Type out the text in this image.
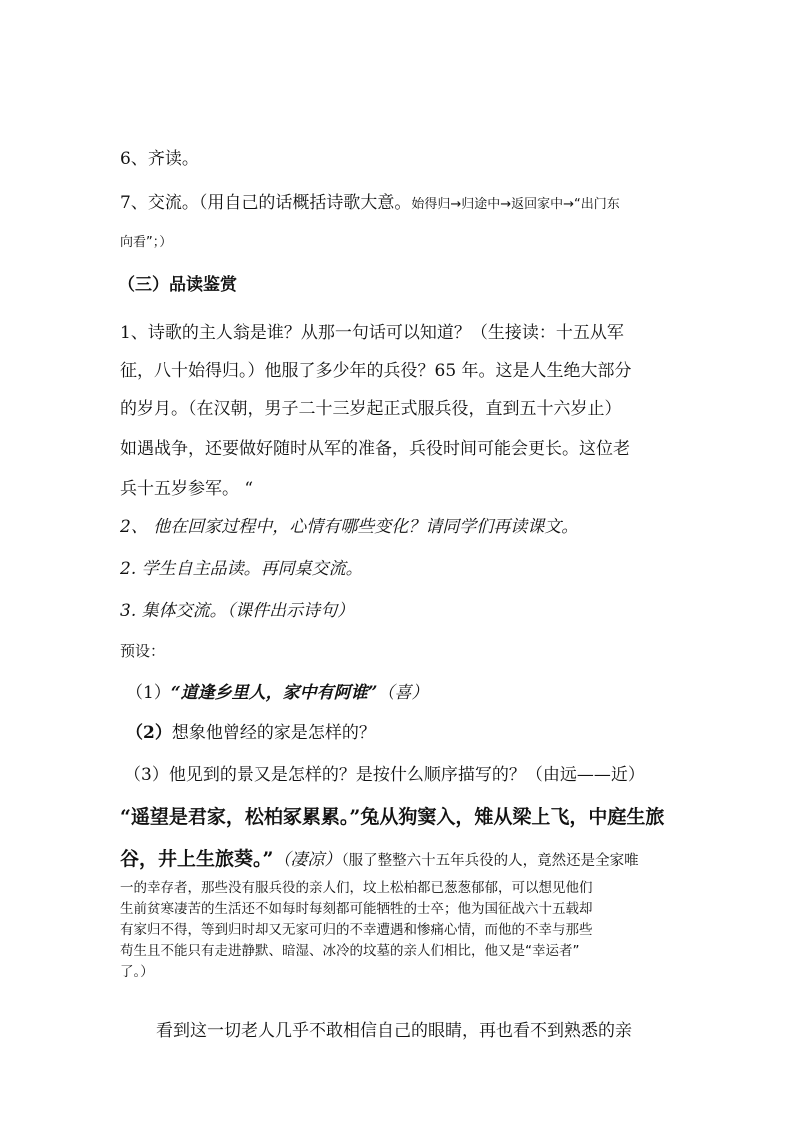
6、齐读。
7、交流。（用自己的话概括诗歌大意。始得归→归途中→返回家中→“出门东
向看”；）
（三）品读鉴赏
1、诗歌的主人翁是谁？从那一句话可以知道？（生接读：十五从军
征，八十始得归。）他服了多少年的兵役？65 年。这是人生绝大部分
的岁月。（在汉朝，男子二十三岁起正式服兵役，直到五十六岁止）
如遇战争，还要做好随时从军的准备，兵役时间可能会更长。这位老
兵十五岁参军。 “
2、 他在回家过程中，心情有哪些变化？请同学们再读课文。
2. 学生自主品读。再同桌交流。
3. 集体交流。（课件出示诗句）
预设：
（1）“道逢乡里人，家中有阿谁”（喜）
（2）想象他曾经的家是怎样的？
（3）他见到的景又是怎样的？是按什么顺序描写的？（由远——近）
“遥望是君家，松柏冢累累。”兔从狗窦入，雉从梁上飞，中庭生旅
谷，井上生旅葵。”（凄凉）（服了整整六十五年兵役的人，竟然还是全家唯
一的幸存者，那些没有服兵役的亲人们，坟上松柏都已葱葱郁郁，可以想见他们
生前贫寒凄苦的生活还不如每时每刻都可能牺牲的士卒；他为国征战六十五载却
有家归不得，等到归时却又无家可归的不幸遭遇和惨痛心情，而他的不幸与那些
苟生且不能只有走进静默、暗湿、冰冷的坟墓的亲人们相比，他又是“幸运者”
了。）
看到这一切老人几乎不敢相信自己的眼睛，再也看不到熟悉的亲
